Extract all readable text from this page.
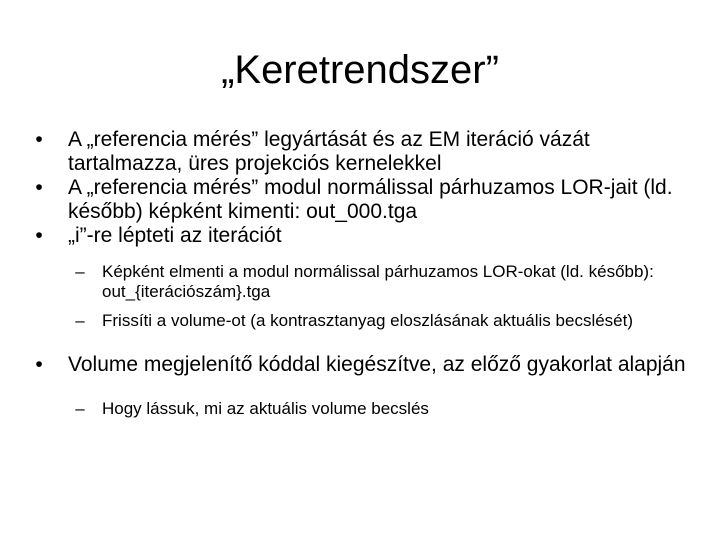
„Keretrendszer”
• A „referencia mérés” legyártását és az EM iteráció vázát tartalmazza, üres projekciós kernelekkel
• A „referencia mérés” modul normálissal párhuzamos LOR-jait (ld. később) képként kimenti: out_000.tga
• „i”-re lépteti az iterációt
–	Képként elmenti a modul normálissal párhuzamos LOR-okat (ld. később): out_{iterációszám}.tga
–	Frissíti a volume-ot (a kontrasztanyag eloszlásának aktuális becslését)
• Volume megjelenítő kóddal kiegészítve, az előző gyakorlat alapján
–	Hogy lássuk, mi az aktuális volume becslés
